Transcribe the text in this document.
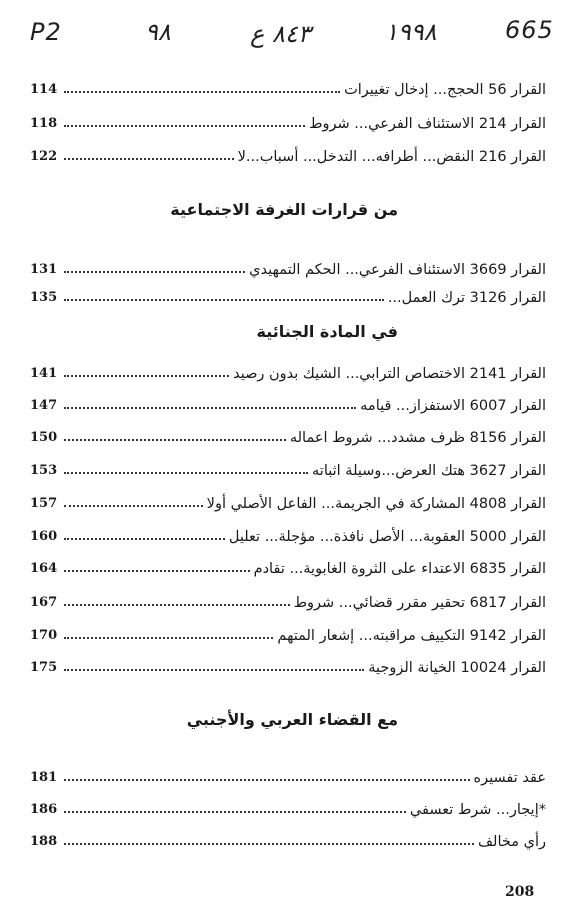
P2	٩٨	٨٤٣ ع	١٩٩٨	665
114	القرار 56 الحجج... إدخال تغييرات
118	القرار 214 الاستئناف الفرعي... شروط
122	القرار 216 النقض... أطرافه... التدخل... أسباب...لا
من قرارات الغرفة الاجتماعية
131	القرار 3669 الاستئناف الفرعي... الحكم التمهيدي
135	القرار 3126 ترك العمل...
في المادة الجنائية
141	القرار 2141 الاختصاص الترابي... الشيك بدون رصيد
147	القرار 6007 الاستفزاز... قيامه
150	القرار 8156 ظرف مشدد... شروط اعماله
153	القرار 3627 هتك العرض...وسيلة اثباته
157	القرار 4808 المشاركة في الجريمة... الفاعل الأصلي أولا
160	القرار 5000 العقوبة... الأصل نافذة... مؤجلة... تعليل
164	القرار 6835 الاعتداء على الثروة الغابوية... تقادم
167	القرار 6817 تحقير مقرر قضائي... شروط
170	القرار 9142 التكييف مراقبته... إشعار المتهم
175	القرار 10024 الخيانة الزوجية
مع القضاء العربي والأجنبي
181	عقد تفسيره
186	*إيجار... شرط تعسفي
188	رأي مخالف
208
